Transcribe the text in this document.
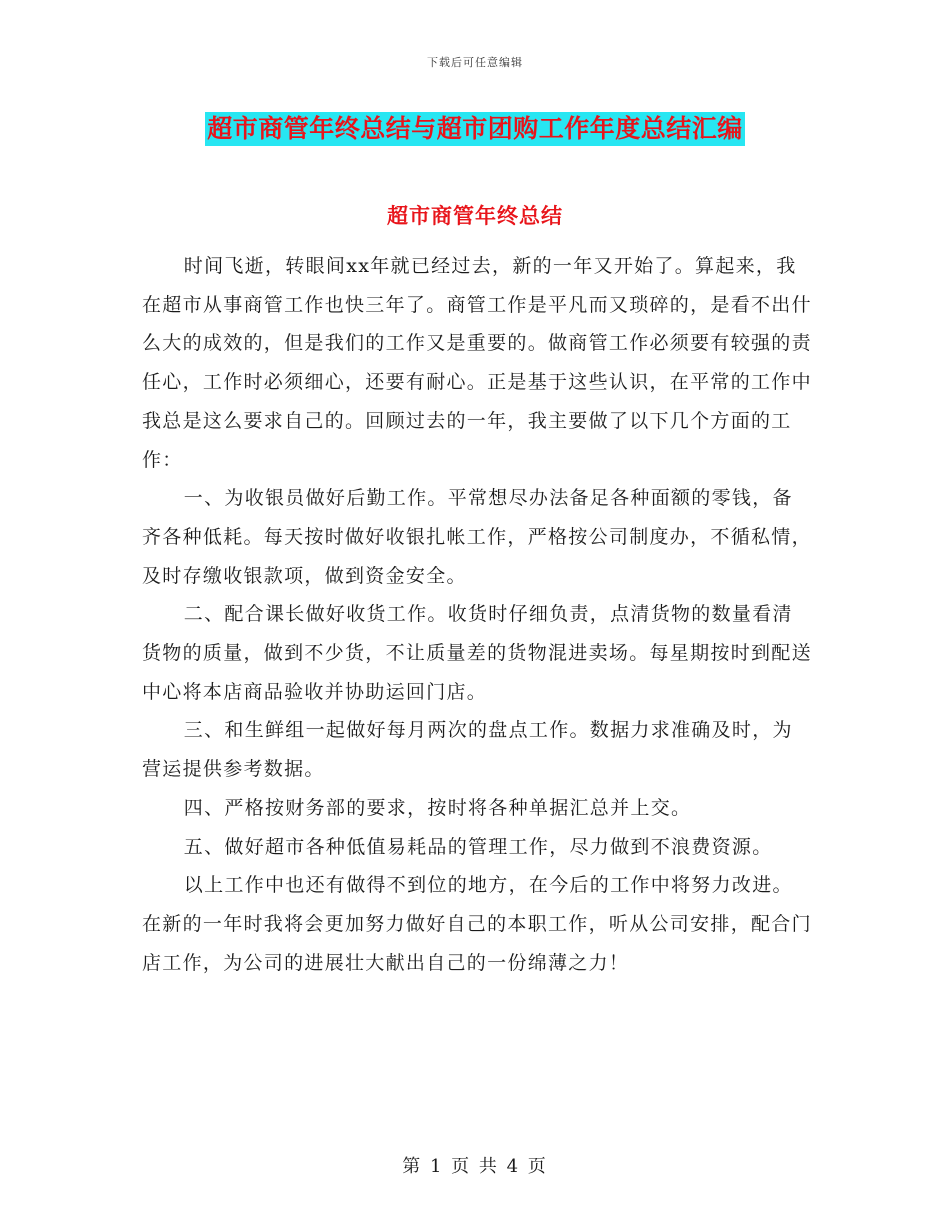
下载后可任意编辑
超市商管年终总结与超市团购工作年度总结汇编
超市商管年终总结

时间飞逝，转眼间xx年就已经过去，新的一年又开始了。算起来，我在超市从事商管工作也快三年了。商管工作是平凡而又琐碎的，是看不出什么大的成效的，但是我们的工作又是重要的。做商管工作必须要有较强的责任心，工作时必须细心，还要有耐心。正是基于这些认识，在平常的工作中我总是这么要求自己的。回顾过去的一年，我主要做了以下几个方面的工作：

一、为收银员做好后勤工作。平常想尽办法备足各种面额的零钱，备齐各种低耗。每天按时做好收银扎帐工作，严格按公司制度办，不循私情，及时存缴收银款项，做到资金安全。

二、配合课长做好收货工作。收货时仔细负责，点清货物的数量看清货物的质量，做到不少货，不让质量差的货物混进卖场。每星期按时到配送中心将本店商品验收并协助运回门店。

三、和生鲜组一起做好每月两次的盘点工作。数据力求准确及时，为营运提供参考数据。

四、严格按财务部的要求，按时将各种单据汇总并上交。

五、做好超市各种低值易耗品的管理工作，尽力做到不浪费资源。

以上工作中也还有做得不到位的地方，在今后的工作中将努力改进。在新的一年时我将会更加努力做好自己的本职工作，听从公司安排，配合门店工作，为公司的进展壮大献出自己的一份绵薄之力！

第 1 页 共 4 页
